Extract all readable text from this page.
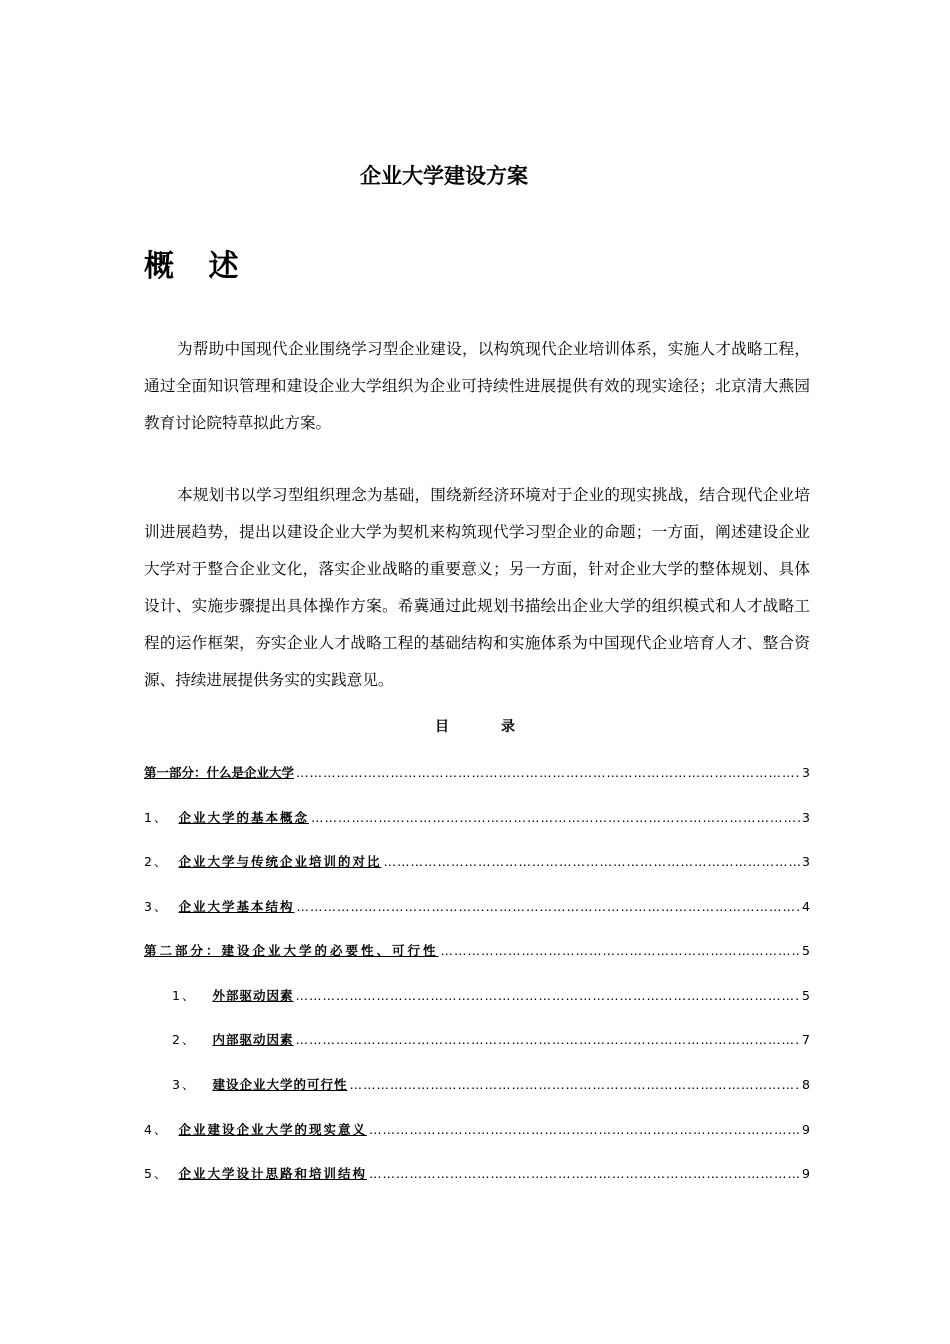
企业大学建设方案
概 述

为帮助中国现代企业围绕学习型企业建设，以构筑现代企业培训体系，实施人才战略工程，通过全面知识管理和建设企业大学组织为企业可持续性进展提供有效的现实途径；北京清大燕园教育讨论院特草拟此方案。

本规划书以学习型组织理念为基础，围绕新经济环境对于企业的现实挑战，结合现代企业培训进展趋势，提出以建设企业大学为契机来构筑现代学习型企业的命题；一方面，阐述建设企业大学对于整合企业文化，落实企业战略的重要意义；另一方面，针对企业大学的整体规划、具体设计、实施步骤提出具体操作方案。希冀通过此规划书描绘出企业大学的组织模式和人才战略工程的运作框架，夯实企业人才战略工程的基础结构和实施体系为中国现代企业培育人才、整合资源、持续进展提供务实的实践意见。

目	录
第一部分：什么是企业大学 …………………………………………………………………………………………………………………………………………………………………………………………	3
1、 企业大学的基本概念 …………………………………………………………………………………………………………………………………………………………………………………………	3
2、 企业大学与传统企业培训的对比 …………………………………………………………………………………………………………………………………………………………………………………………	3
3、 企业大学基本结构 …………………………………………………………………………………………………………………………………………………………………………………………	4
第二部分：建设企业大学的必要性、可行性 …………………………………………………………………………………………………………………………………………………………………………………………	5
1、 外部驱动因素 …………………………………………………………………………………………………………………………………………………………………………………………	5
2、 内部驱动因素 …………………………………………………………………………………………………………………………………………………………………………………………	7
3、 建设企业大学的可行性 …………………………………………………………………………………………………………………………………………………………………………………………	8
4、 企业建设企业大学的现实意义 …………………………………………………………………………………………………………………………………………………………………………………………	9
5、 企业大学设计思路和培训结构 …………………………………………………………………………………………………………………………………………………………………………………………	9
